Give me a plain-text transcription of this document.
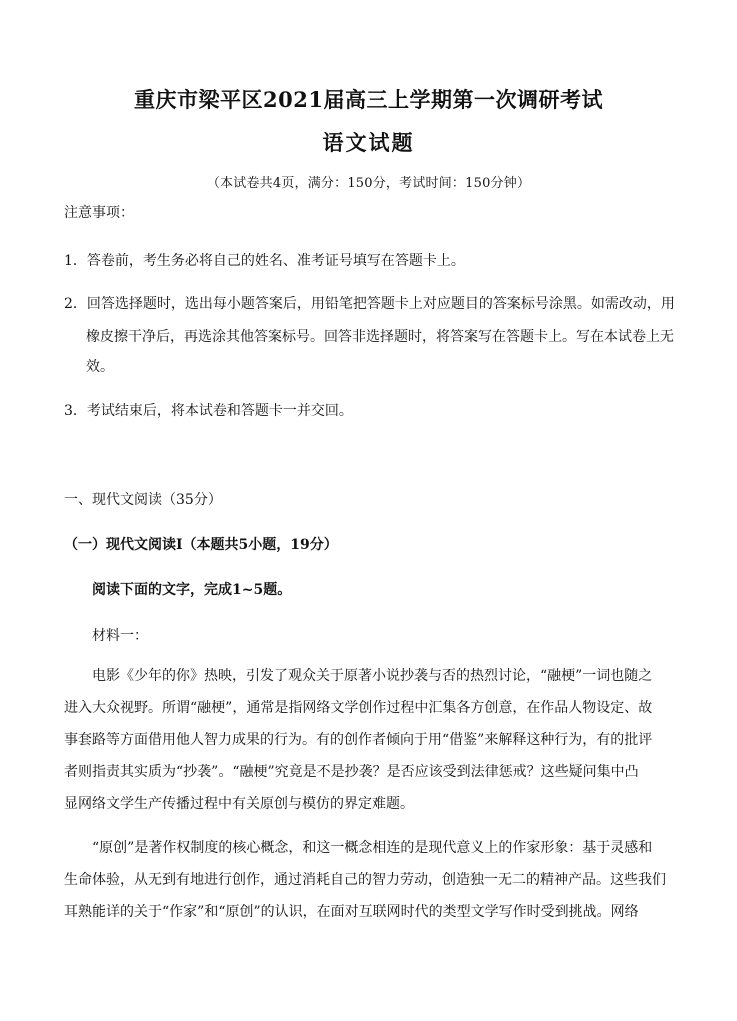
重庆市梁平区2021届高三上学期第一次调研考试
语文试题
（本试卷共4页，满分：150分，考试时间：150分钟）
注意事项：
1．答卷前，考生务必将自己的姓名、准考证号填写在答题卡上。
2．回答选择题时，选出每小题答案后，用铅笔把答题卡上对应题目的答案标号涂黑。如需改动，用
橡皮擦干净后，再选涂其他答案标号。回答非选择题时，将答案写在答题卡上。写在本试卷上无
效。
3．考试结束后，将本试卷和答题卡一并交回。
一、现代文阅读（35分）
（一）现代文阅读Ⅰ（本题共5小题，19分）
阅读下面的文字，完成1~5题。
材料一：
电影《少年的你》热映，引发了观众关于原著小说抄袭与否的热烈讨论，“融梗”一词也随之
进入大众视野。所谓“融梗”，通常是指网络文学创作过程中汇集各方创意，在作品人物设定、故
事套路等方面借用他人智力成果的行为。有的创作者倾向于用“借鉴”来解释这种行为，有的批评
者则指责其实质为“抄袭”。“融梗”究竟是不是抄袭？是否应该受到法律惩戒？这些疑问集中凸
显网络文学生产传播过程中有关原创与模仿的界定难题。
“原创”是著作权制度的核心概念，和这一概念相连的是现代意义上的作家形象：基于灵感和
生命体验，从无到有地进行创作，通过消耗自己的智力劳动，创造独一无二的精神产品。这些我们
耳熟能详的关于“作家”和“原创”的认识，在面对互联网时代的类型文学写作时受到挑战。网络
